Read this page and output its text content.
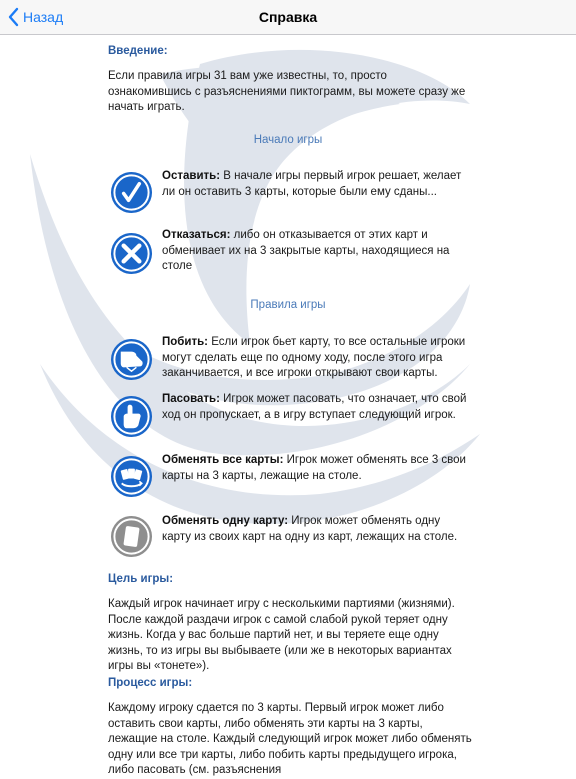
Назад	Справка
Введение:
Если правила игры 31 вам уже известны, то, просто ознакомившись с разъяснениями пиктограмм, вы можете сразу же начать играть.
Начало игры
Оставить: В начале игры первый игрок решает, желает ли он оставить 3 карты, которые были ему сданы...
Отказаться: либо он отказывается от этих карт и обменивает их на 3 закрытые карты, находящиеся на столе
Правила игры
Побить: Если игрок бьет карту, то все остальные игроки могут сделать еще по одному ходу, после этого игра заканчивается, и все игроки открывают свои карты.
Пасовать: Игрок может пасовать, что означает, что свой ход он пропускает, а в игру вступает следующий игрок.
Обменять все карты: Игрок может обменять все 3 свои карты на 3 карты, лежащие на столе.
Обменять одну карту: Игрок может обменять одну карту из своих карт на одну из карт, лежащих на столе.
Цель игры:
Каждый игрок начинает игру с несколькими партиями (жизнями). После каждой раздачи игрок с самой слабой рукой теряет одну жизнь. Когда у вас больше партий нет, и вы теряете еще одну жизнь, то из игры вы выбываете (или же в некоторых вариантах игры вы «тонете»).
Процесс игры:
Каждому игроку сдается по 3 карты. Первый игрок может либо оставить свои карты, либо обменять эти карты на 3 карты, лежащие на столе. Каждый следующий игрок может либо обменять одну или все три карты, либо побить карты предыдущего игрока, либо пасовать (см. разъяснения
